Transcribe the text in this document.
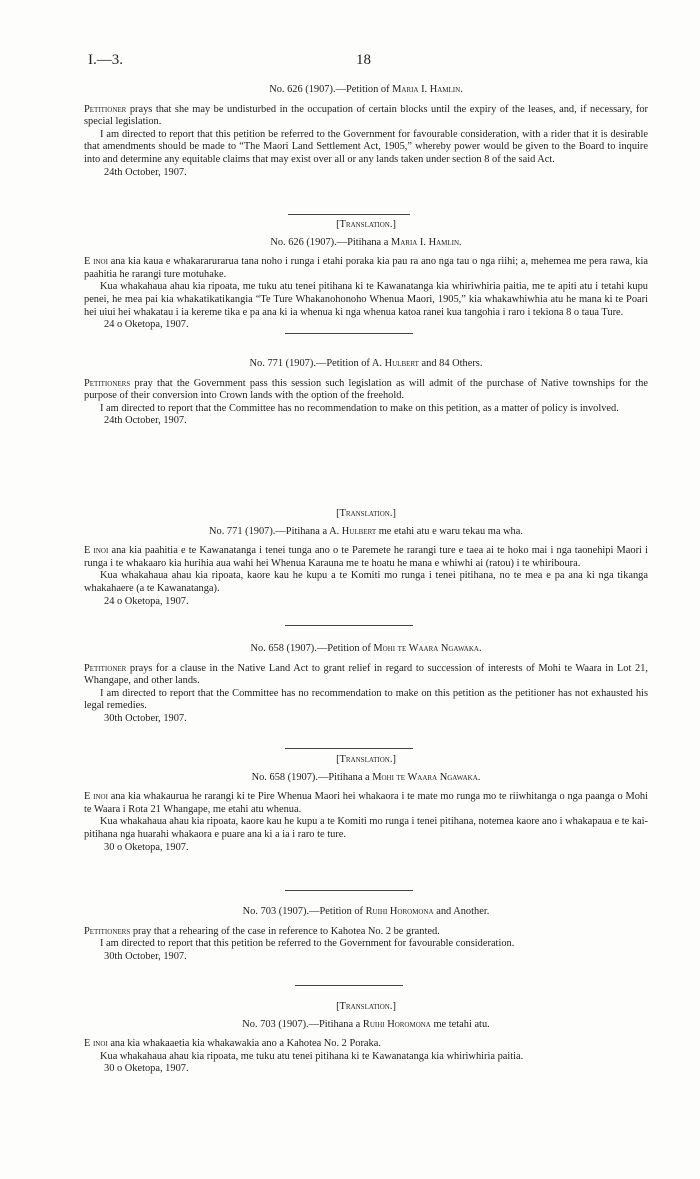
I.—3.	18
No. 626 (1907).—Petition of Maria I. Hamlin.

Petitioner prays that she may be undisturbed in the occupation of certain blocks until the expiry of the leases, and, if necessary, for special legislation.

I am directed to report that this petition be referred to the Government for favourable consideration, with a rider that it is desirable that amendments should be made to “The Maori Land Settlement Act, 1905,” whereby power would be given to the Board to inquire into and determine any equitable claims that may exist over all or any lands taken under section 8 of the said Act.

24th October, 1907.

[Translation.]
No. 626 (1907).—Pitihana a Maria I. Hamlin.

E inoi ana kia kaua e whakararurarua tana noho i runga i etahi poraka kia pau ra ano nga tau o nga riihi; a, mehemea me pera rawa, kia paahitia he rarangi ture motuhake.

Kua whakahaua ahau kia ripoata, me tuku atu tenei pitihana ki te Kawanatanga kia whiriwhiria paitia, me te apiti atu i tetahi kupu penei, he mea pai kia whakatikatikangia “Te Ture Whakanohonoho Whenua Maori, 1905,” kia whakawhiwhia atu he mana ki te Poari hei uiui hei whakatau i ia kereme tika e pa ana ki ia whenua ki nga whenua katoa ranei kua tangohia i raro i tekiona 8 o taua Ture.

24 o Oketopa, 1907.

No. 771 (1907).—Petition of A. Hulbert and 84 Others.

Petitioners pray that the Government pass this session such legislation as will admit of the purchase of Native townships for the purpose of their conversion into Crown lands with the option of the freehold.

I am directed to report that the Committee has no recommendation to make on this petition, as a matter of policy is involved.

24th October, 1907.

[Translation.]
No. 771 (1907).—Pitihana a A. Hulbert me etahi atu e waru tekau ma wha.

E inoi ana kia paahitia e te Kawanatanga i tenei tunga ano o te Paremete he rarangi ture e taea ai te hoko mai i nga taonehipi Maori i runga i te whakaaro kia hurihia aua wahi hei Whenua Karauna me te hoatu he mana e whiwhi ai (ratou) i te whiriboura.

Kua whakahaua ahau kia ripoata, kaore kau he kupu a te Komiti mo runga i tenei pitihana, no te mea e pa ana ki nga tikanga whakahaere (a te Kawanatanga).

24 o Oketopa, 1907.

No. 658 (1907).—Petition of Mohi te Waara Ngawaka.

Petitioner prays for a clause in the Native Land Act to grant relief in regard to succession of interests of Mohi te Waara in Lot 21, Whangape, and other lands.

I am directed to report that the Committee has no recommendation to make on this petition as the petitioner has not exhausted his legal remedies.

30th October, 1907.

[Translation.]
No. 658 (1907).—Pitihana a Mohi te Waara Ngawaka.

E inoi ana kia whakaurua he rarangi ki te Pire Whenua Maori hei whakaora i te mate mo runga mo te riiwhitanga o nga paanga o Mohi te Waara i Rota 21 Whangape, me etahi atu whenua.

Kua whakahaua ahau kia ripoata, kaore kau he kupu a te Komiti mo runga i tenei pitihana, notemea kaore ano i whakapaua e te kai-pitihana nga huarahi whakaora e puare ana ki a ia i raro te ture.

30 o Oketopa, 1907.

No. 703 (1907).—Petition of Ruihi Horomona and Another.

Petitioners pray that a rehearing of the case in reference to Kahotea No. 2 be granted.

I am directed to report that this petition be referred to the Government for favourable consideration.

30th October, 1907.

[Translation.]
No. 703 (1907).—Pitihana a Ruihi Horomona me tetahi atu.

E inoi ana kia whakaaetia kia whakawakia ano a Kahotea No. 2 Poraka.

Kua whakahaua ahau kia ripoata, me tuku atu tenei pitihana ki te Kawanatanga kia whiriwhiria paitia.

30 o Oketopa, 1907.
